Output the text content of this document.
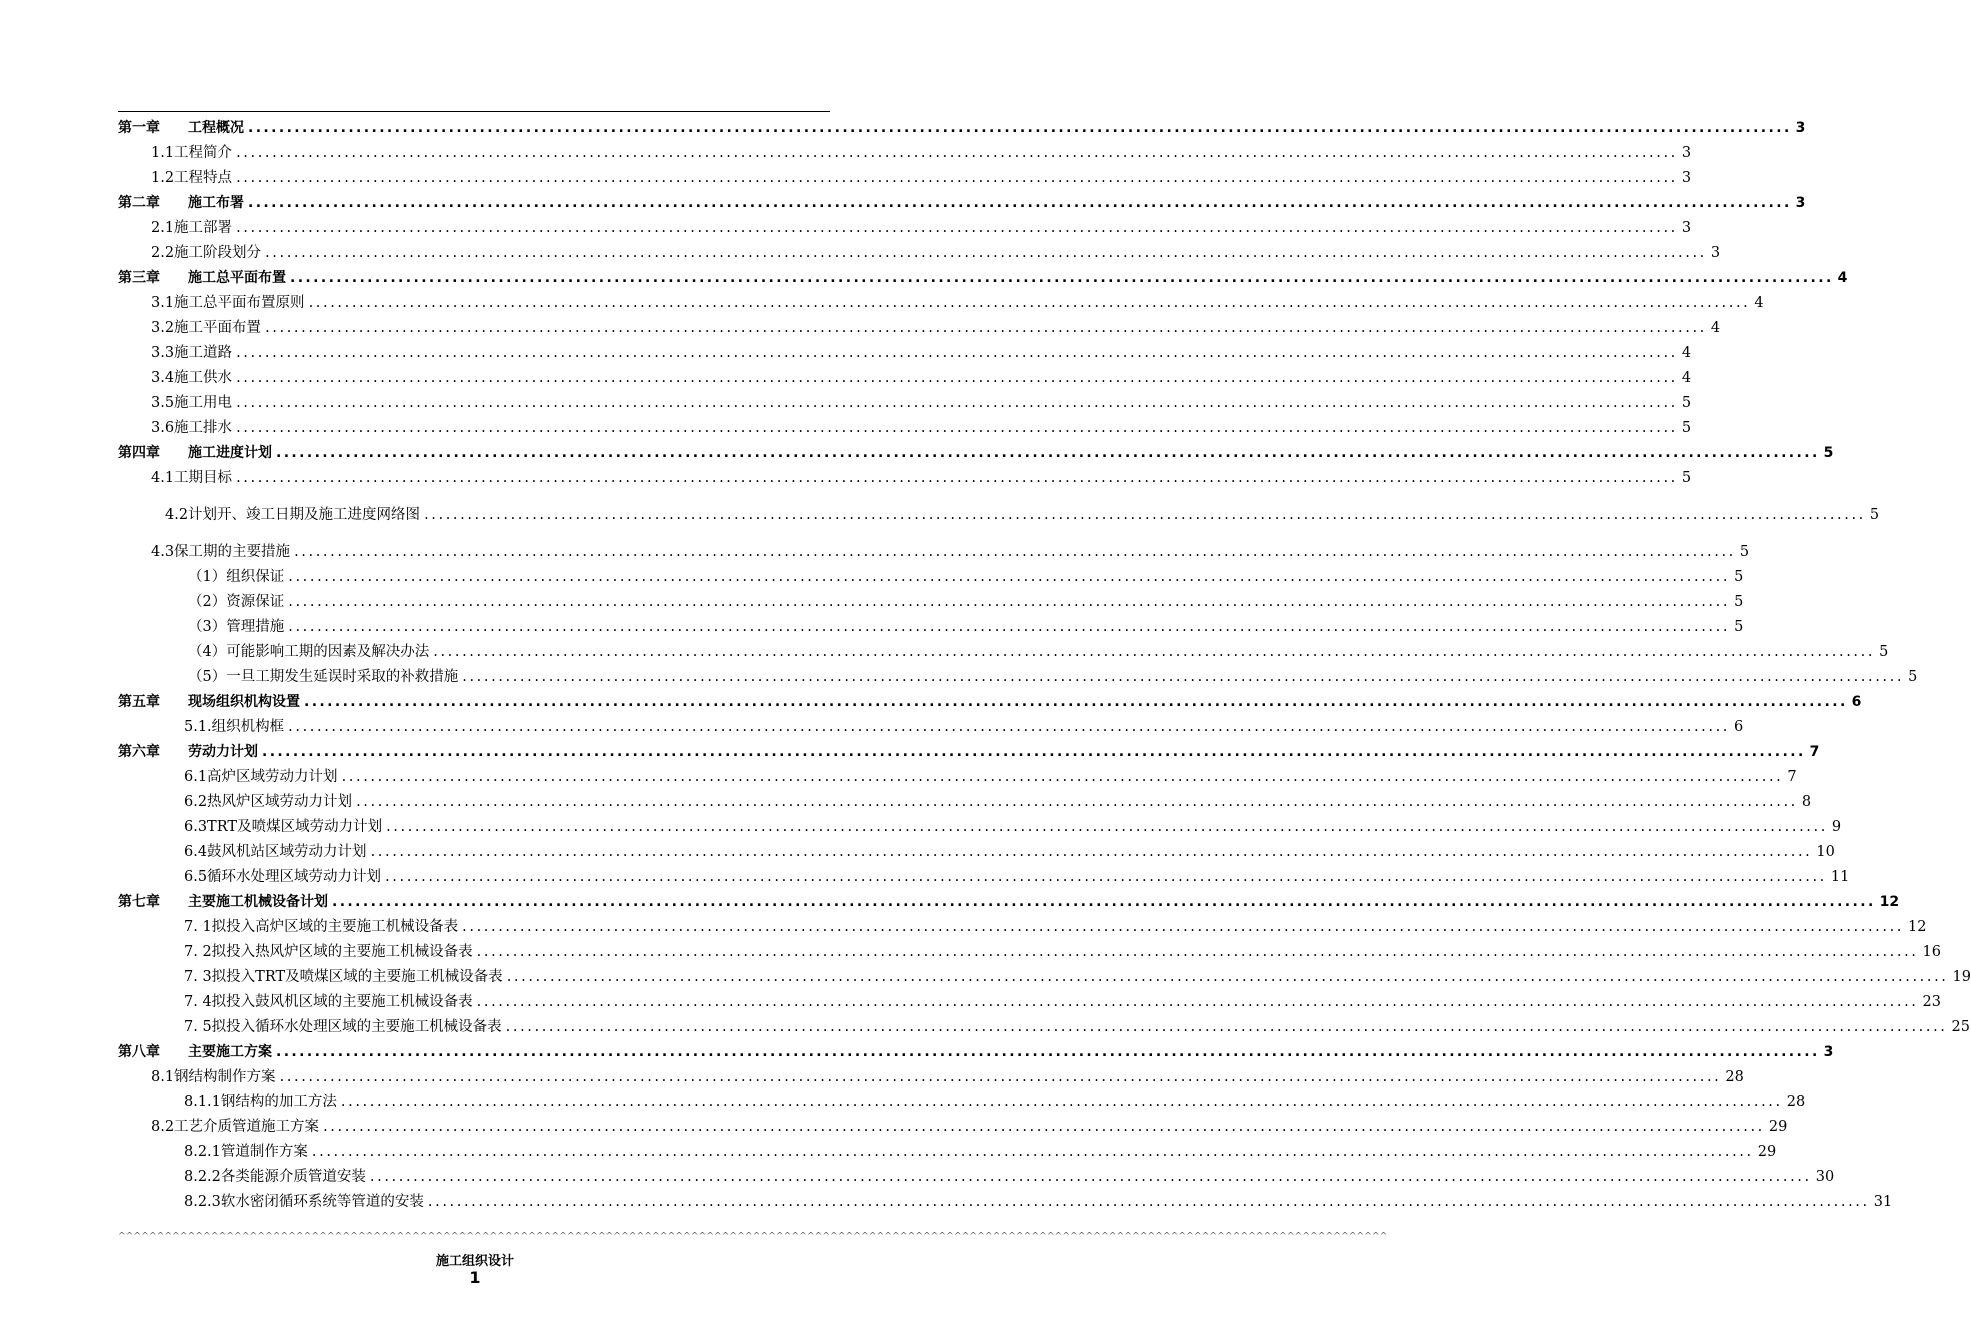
第一章 工程概况 ........................................................................................................................................................................................................ 3
1.1工程简介 ........................................................................................................................................................................................................ 3
1.2工程特点 ........................................................................................................................................................................................................ 3
第二章 施工布署 ........................................................................................................................................................................................................ 3
2.1施工部署 ........................................................................................................................................................................................................ 3
2.2施工阶段划分 ........................................................................................................................................................................................................ 3
第三章 施工总平面布置 ........................................................................................................................................................................................................ 4
3.1施工总平面布置原则 ........................................................................................................................................................................................................ 4
3.2施工平面布置 ........................................................................................................................................................................................................ 4
3.3施工道路 ........................................................................................................................................................................................................ 4
3.4施工供水 ........................................................................................................................................................................................................ 4
3.5施工用电 ........................................................................................................................................................................................................ 5
3.6施工排水 ........................................................................................................................................................................................................ 5
第四章 施工进度计划 ........................................................................................................................................................................................................ 5
4.1工期目标 ........................................................................................................................................................................................................ 5
4.2计划开、竣工日期及施工进度网络图 ........................................................................................................................................................................................................ 5
4.3保工期的主要措施 ........................................................................................................................................................................................................ 5
（1）组织保证 ........................................................................................................................................................................................................ 5
（2）资源保证 ........................................................................................................................................................................................................ 5
（3）管理措施 ........................................................................................................................................................................................................ 5
（4）可能影响工期的因素及解决办法 ........................................................................................................................................................................................................ 5
（5）一旦工期发生延误时采取的补救措施 ........................................................................................................................................................................................................ 5
第五章 现场组织机构设置 ........................................................................................................................................................................................................ 6
5.1.组织机构框 ........................................................................................................................................................................................................ 6
第六章 劳动力计划 ........................................................................................................................................................................................................ 7
6.1高炉区域劳动力计划 ........................................................................................................................................................................................................ 7
6.2热风炉区域劳动力计划 ........................................................................................................................................................................................................ 8
6.3TRT及喷煤区域劳动力计划 ........................................................................................................................................................................................................ 9
6.4鼓风机站区域劳动力计划 ........................................................................................................................................................................................................ 10
6.5循环水处理区域劳动力计划 ........................................................................................................................................................................................................ 11
第七章 主要施工机械设备计划 ........................................................................................................................................................................................................ 12
7. 1拟投入高炉区域的主要施工机械设备表 ........................................................................................................................................................................................................ 12
7. 2拟投入热风炉区域的主要施工机械设备表 ........................................................................................................................................................................................................ 16
7. 3拟投入TRT及喷煤区域的主要施工机械设备表 ........................................................................................................................................................................................................ 19
7. 4拟投入鼓风机区域的主要施工机械设备表 ........................................................................................................................................................................................................ 23
7. 5拟投入循环水处理区域的主要施工机械设备表 ........................................................................................................................................................................................................ 25
第八章 主要施工方案 ........................................................................................................................................................................................................ 3
8.1钢结构制作方案 ........................................................................................................................................................................................................ 28
8.1.1钢结构的加工方法 ........................................................................................................................................................................................................ 28
8.2工艺介质管道施工方案 ........................................................................................................................................................................................................ 29
8.2.1管道制作方案 ........................................................................................................................................................................................................ 29
8.2.2各类能源介质管道安装 ........................................................................................................................................................................................................ 30
8.2.3软水密闭循环系统等管道的安装 ........................................................................................................................................................................................................ 31
^^^^^^^^^^^^^^^^^^^^^^^^^^^^^^^^^^^^^^^^^^^^^^^^^^^^^^^^^^^^^^^^^^^^^^^^^^^^^^^^^^^^^^^^^^^^^^^^^^^^^^^^^^^^^^^^^^^^^^^^^^^^^^^^^^^^^^^^^^^^^^^^^^^^^^^^^^^^^^^^^^^^
施工组织设计
1
